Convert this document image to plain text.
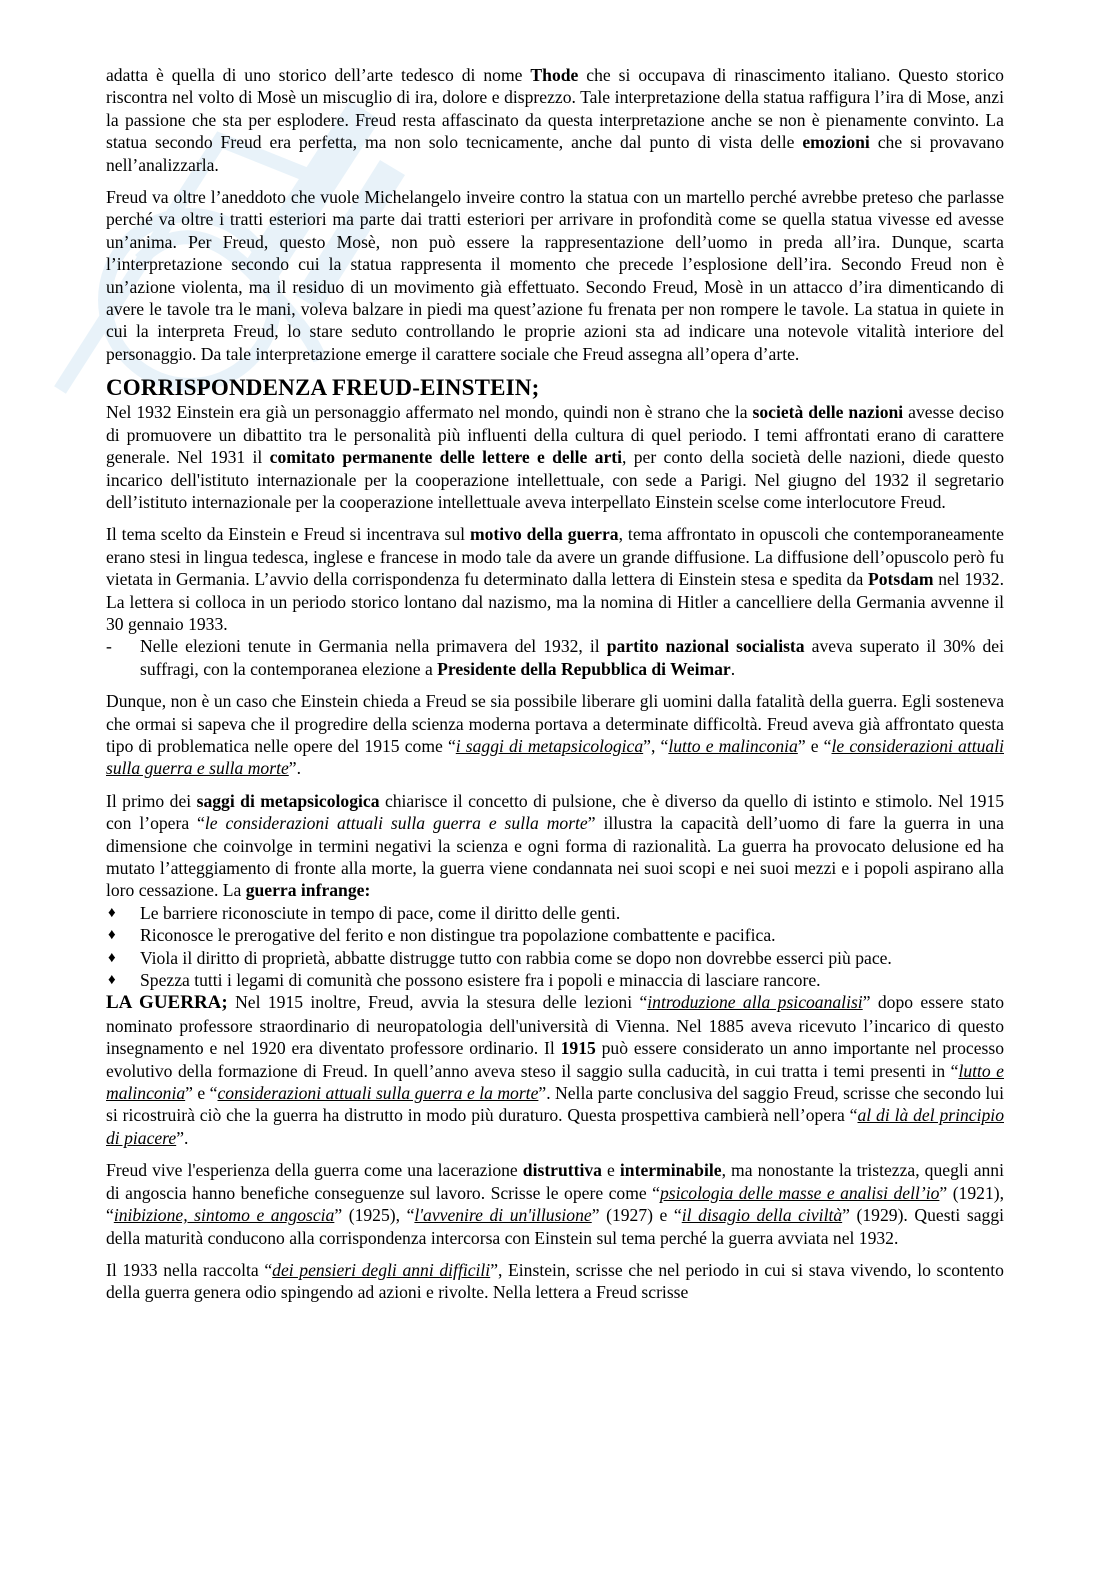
adatta è quella di uno storico dell’arte tedesco di nome Thode che si occupava di rinascimento italiano. Questo storico riscontra nel volto di Mosè un miscuglio di ira, dolore e disprezzo. Tale interpretazione della statua raffigura l’ira di Mose, anzi la passione che sta per esplodere. Freud resta affascinato da questa interpretazione anche se non è pienamente convinto. La statua secondo Freud era perfetta, ma non solo tecnicamente, anche dal punto di vista delle emozioni che si provavano nell’analizzarla.

Freud va oltre l’aneddoto che vuole Michelangelo inveire contro la statua con un martello perché avrebbe preteso che parlasse perché va oltre i tratti esteriori ma parte dai tratti esteriori per arrivare in profondità come se quella statua vivesse ed avesse un’anima. Per Freud, questo Mosè, non può essere la rappresentazione dell’uomo in preda all’ira. Dunque, scarta l’interpretazione secondo cui la statua rappresenta il momento che precede l’esplosione dell’ira. Secondo Freud non è un’azione violenta, ma il residuo di un movimento già effettuato. Secondo Freud, Mosè in un attacco d’ira dimenticando di avere le tavole tra le mani, voleva balzare in piedi ma quest’azione fu frenata per non rompere le tavole. La statua in quiete in cui la interpreta Freud, lo stare seduto controllando le proprie azioni sta ad indicare una notevole vitalità interiore del personaggio. Da tale interpretazione emerge il carattere sociale che Freud assegna all’opera d’arte.

CORRISPONDENZA FREUD-EINSTEIN;

Nel 1932 Einstein era già un personaggio affermato nel mondo, quindi non è strano che la società delle nazioni avesse deciso di promuovere un dibattito tra le personalità più influenti della cultura di quel periodo. I temi affrontati erano di carattere generale. Nel 1931 il comitato permanente delle lettere e delle arti, per conto della società delle nazioni, diede questo incarico dell'istituto internazionale per la cooperazione intellettuale, con sede a Parigi. Nel giugno del 1932 il segretario dell’istituto internazionale per la cooperazione intellettuale aveva interpellato Einstein scelse come interlocutore Freud.

Il tema scelto da Einstein e Freud si incentrava sul motivo della guerra, tema affrontato in opuscoli che contemporaneamente erano stesi in lingua tedesca, inglese e francese in modo tale da avere un grande diffusione. La diffusione dell’opuscolo però fu vietata in Germania. L’avvio della corrispondenza fu determinato dalla lettera di Einstein stesa e spedita da Potsdam nel 1932. La lettera si colloca in un periodo storico lontano dal nazismo, ma la nomina di Hitler a cancelliere della Germania avvenne il 30 gennaio 1933.

- Nelle elezioni tenute in Germania nella primavera del 1932, il partito nazional socialista aveva superato il 30% dei suffragi, con la contemporanea elezione a Presidente della Repubblica di Weimar.

Dunque, non è un caso che Einstein chieda a Freud se sia possibile liberare gli uomini dalla fatalità della guerra. Egli sosteneva che ormai si sapeva che il progredire della scienza moderna portava a determinate difficoltà. Freud aveva già affrontato questa tipo di problematica nelle opere del 1915 come “i saggi di metapsicologica”, “lutto e malinconia” e “le considerazioni attuali sulla guerra e sulla morte”.

Il primo dei saggi di metapsicologica chiarisce il concetto di pulsione, che è diverso da quello di istinto e stimolo. Nel 1915 con l’opera “le considerazioni attuali sulla guerra e sulla morte” illustra la capacità dell’uomo di fare la guerra in una dimensione che coinvolge in termini negativi la scienza e ogni forma di razionalità. La guerra ha provocato delusione ed ha mutato l’atteggiamento di fronte alla morte, la guerra viene condannata nei suoi scopi e nei suoi mezzi e i popoli aspirano alla loro cessazione. La guerra infrange:

♦ Le barriere riconosciute in tempo di pace, come il diritto delle genti.
♦ Riconosce le prerogative del ferito e non distingue tra popolazione combattente e pacifica.
♦ Viola il diritto di proprietà, abbatte distrugge tutto con rabbia come se dopo non dovrebbe esserci più pace.
♦ Spezza tutti i legami di comunità che possono esistere fra i popoli e minaccia di lasciare rancore.

LA GUERRA; Nel 1915 inoltre, Freud, avvia la stesura delle lezioni “introduzione alla psicoanalisi” dopo essere stato nominato professore straordinario di neuropatologia dell'università di Vienna. Nel 1885 aveva ricevuto l’incarico di questo insegnamento e nel 1920 era diventato professore ordinario. Il 1915 può essere considerato un anno importante nel processo evolutivo della formazione di Freud. In quell’anno aveva steso il saggio sulla caducità, in cui tratta i temi presenti in “lutto e malinconia” e “considerazioni attuali sulla guerra e la morte”. Nella parte conclusiva del saggio Freud, scrisse che secondo lui si ricostruirà ciò che la guerra ha distrutto in modo più duraturo. Questa prospettiva cambierà nell’opera “al di là del principio di piacere”.

Freud vive l'esperienza della guerra come una lacerazione distruttiva e interminabile, ma nonostante la tristezza, quegli anni di angoscia hanno benefiche conseguenze sul lavoro. Scrisse le opere come “psicologia delle masse e analisi dell’io” (1921), “inibizione, sintomo e angoscia” (1925), “l'avvenire di un'illusione” (1927) e “il disagio della civiltà” (1929). Questi saggi della maturità conducono alla corrispondenza intercorsa con Einstein sul tema perché la guerra avviata nel 1932.

Il 1933 nella raccolta “dei pensieri degli anni difficili”, Einstein, scrisse che nel periodo in cui si stava vivendo, lo scontento della guerra genera odio spingendo ad azioni e rivolte. Nella lettera a Freud scrisse
